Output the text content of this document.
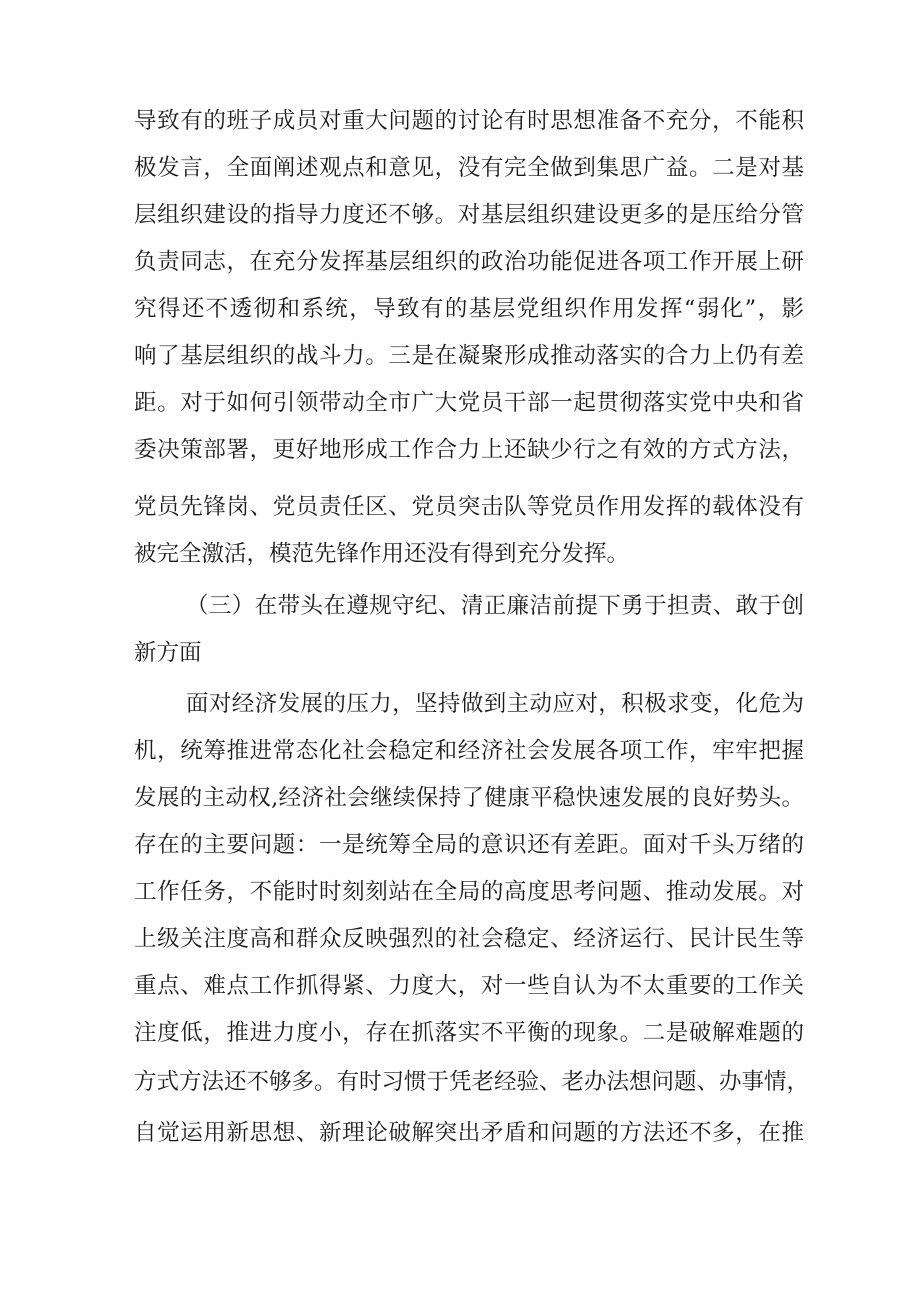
导致有的班子成员对重大问题的讨论有时思想准备不充分，不能积
极发言，全面阐述观点和意见，没有完全做到集思广益。二是对基
层组织建设的指导力度还不够。对基层组织建设更多的是压给分管
负责同志，在充分发挥基层组织的政治功能促进各项工作开展上研
究得还不透彻和系统，导致有的基层党组织作用发挥“弱化”，影
响了基层组织的战斗力。三是在凝聚形成推动落实的合力上仍有差
距。对于如何引领带动全市广大党员干部一起贯彻落实党中央和省
委决策部署，更好地形成工作合力上还缺少行之有效的方式方法，
党员先锋岗、党员责任区、党员突击队等党员作用发挥的载体没有
被完全激活，模范先锋作用还没有得到充分发挥。
（三）在带头在遵规守纪、清正廉洁前提下勇于担责、敢于创
新方面
面对经济发展的压力，坚持做到主动应对，积极求变，化危为
机，统筹推进常态化社会稳定和经济社会发展各项工作，牢牢把握
发展的主动权,经济社会继续保持了健康平稳快速发展的良好势头。
存在的主要问题：一是统筹全局的意识还有差距。面对千头万绪的
工作任务，不能时时刻刻站在全局的高度思考问题、推动发展。对
上级关注度高和群众反映强烈的社会稳定、经济运行、民计民生等
重点、难点工作抓得紧、力度大，对一些自认为不太重要的工作关
注度低，推进力度小，存在抓落实不平衡的现象。二是破解难题的
方式方法还不够多。有时习惯于凭老经验、老办法想问题、办事情，
自觉运用新思想、新理论破解突出矛盾和问题的方法还不多，在推
